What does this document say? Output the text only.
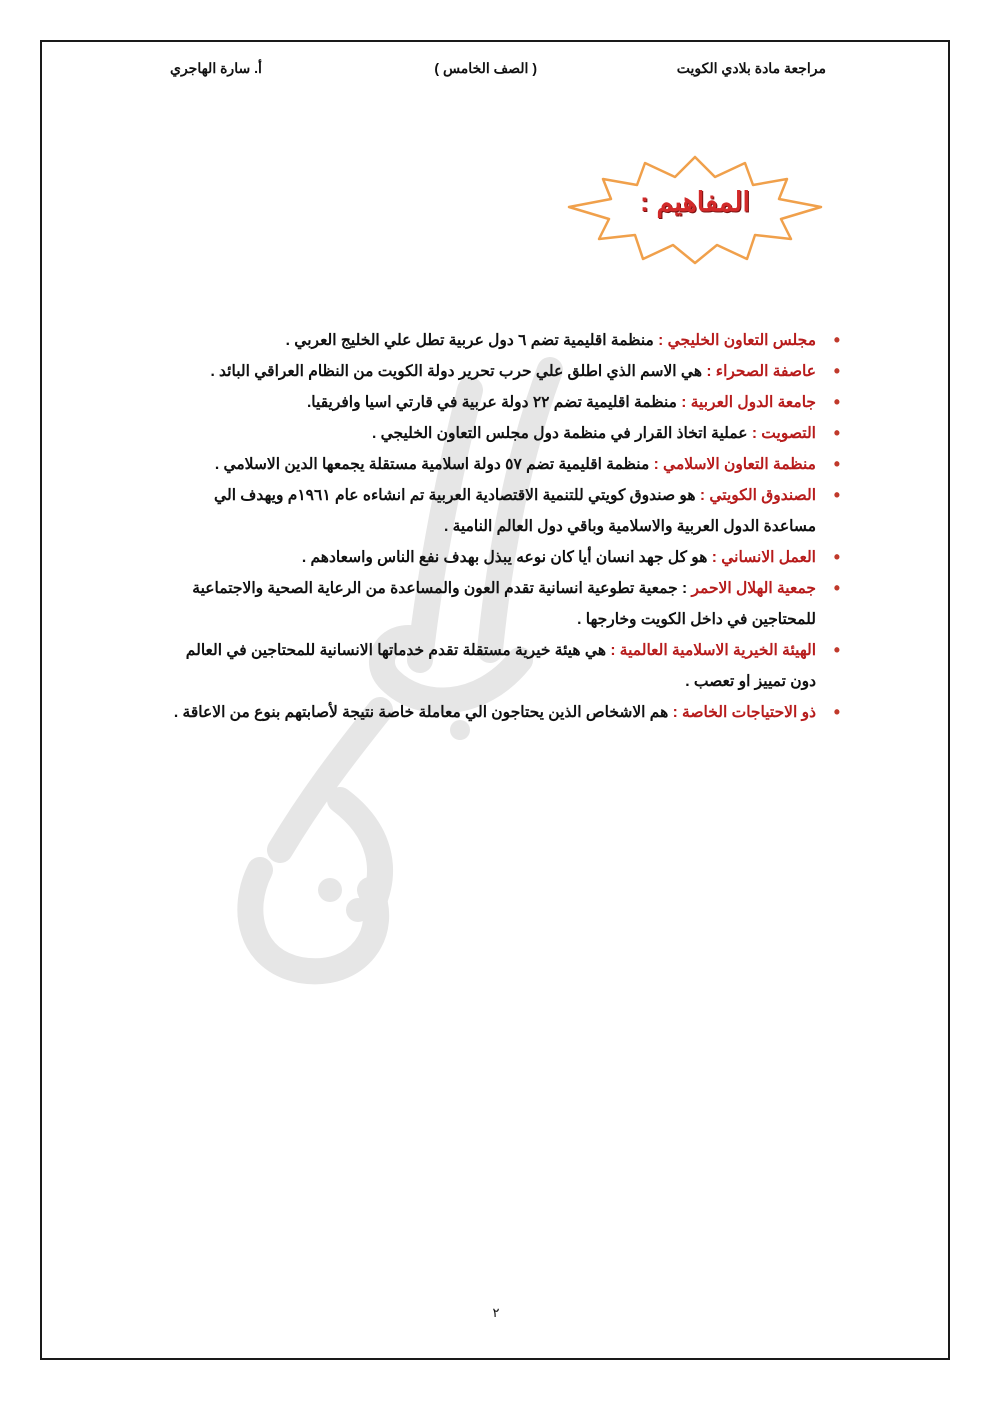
مراجعة مادة بلادي الكويت
( الصف الخامس )
أ. سارة الهاجري
المفاهيم :
• مجلس التعاون الخليجي : منظمة اقليمية تضم ٦ دول عربية تطل علي الخليج العربي .
• عاصفة الصحراء : هي الاسم الذي اطلق علي حرب تحرير دولة الكويت من النظام العراقي البائد .
• جامعة الدول العربية : منظمة اقليمية تضم ٢٢ دولة عربية في قارتي اسيا وافريقيا.
• التصويت : عملية اتخاذ القرار في منظمة دول مجلس التعاون الخليجي .
• منظمة التعاون الاسلامي : منظمة اقليمية تضم ٥٧ دولة اسلامية مستقلة يجمعها الدين الاسلامي .
• الصندوق الكويتي : هو صندوق كويتي للتنمية الاقتصادية العربية تم انشاءه عام ١٩٦١م ويهدف الي مساعدة الدول العربية والاسلامية وباقي دول العالم النامية .
• العمل الانساني : هو كل جهد انسان أيا كان نوعه يبذل بهدف نفع الناس واسعادهم .
• جمعية الهلال الاحمر : جمعية تطوعية انسانية تقدم العون والمساعدة من الرعاية الصحية والاجتماعية للمحتاجين في داخل الكويت وخارجها .
• الهيئة الخيرية الاسلامية العالمية : هي هيئة خيرية مستقلة تقدم خدماتها الانسانية للمحتاجين في العالم دون تمييز او تعصب .
• ذو الاحتياجات الخاصة : هم الاشخاص الذين يحتاجون الي معاملة خاصة نتيجة لأصابتهم بنوع من الاعاقة .
٢
